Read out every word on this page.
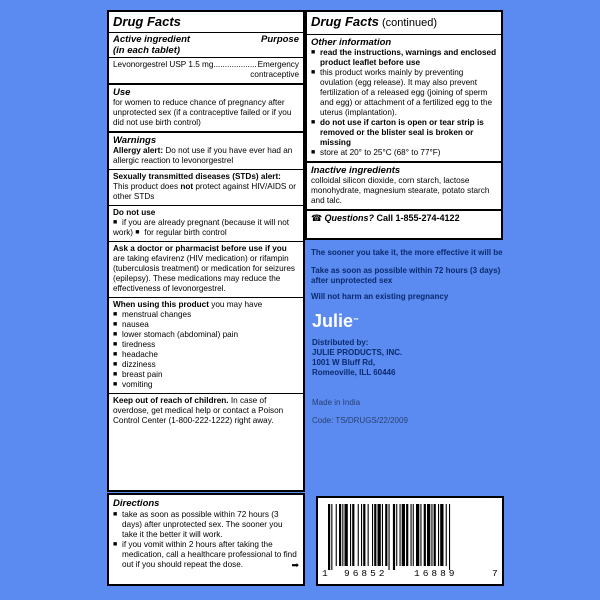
Drug Facts
Active ingredient	Purpose
(in each tablet)
Levonorgestrel USP 1.5 mg................... Emergency
contraceptive
Use
for women to reduce chance of pregnancy after unprotected sex (if a contraceptive failed or if you did not use birth control)
Warnings
Allergy alert: Do not use if you have ever had an allergic reaction to levonorgestrel
Sexually transmitted diseases (STDs) alert:
This product does not protect against HIV/AIDS or other STDs
Do not use
■ if you are already pregnant (because it will not work) ■ for regular birth control
Ask a doctor or pharmacist before use if you are taking efavirenz (HIV medication) or rifampin (tuberculosis treatment) or medication for seizures (epilepsy). These medications may reduce the effectiveness of levonorgestrel.
When using this product you may have
■ menstrual changes
■ nausea
■ lower stomach (abdominal) pain
■ tiredness
■ headache
■ dizziness
■ breast pain
■ vomiting
Keep out of reach of children. In case of overdose, get medical help or contact a Poison Control Center (1-800-222-1222) right away.
Directions
■ take as soon as possible within 72 hours (3 days) after unprotected sex. The sooner you take it the better it will work.
■ if you vomit within 2 hours after taking the medication, call a healthcare professional to find out if you should repeat the dose.	➡
Drug Facts (continued)
Other information
■ read the instructions, warnings and enclosed product leaflet before use
■ this product works mainly by preventing ovulation (egg release). It may also prevent fertilization of a released egg (joining of sperm and egg) or attachment of a fertilized egg to the uterus (implantation).
■ do not use if carton is open or tear strip is removed or the blister seal is broken or missing
■ store at 20° to 25°C (68° to 77°F)
Inactive ingredients
colloidal silicon dioxide, corn starch, lactose monohydrate, magnesium stearate, potato starch and talc.
☎ Questions? Call 1-855-274-4122
The sooner you take it, the more effective it will be
Take as soon as possible within 72 hours (3 days) after unprotected sex
Will not harm an existing pregnancy
Julie™
Distributed by:
JULIE PRODUCTS, INC.
1001 W Bluff Rd,
Romeoville, ILL 60446
Made in India
Code: TS/DRUGS/22/2009
1 96852	16889	7
